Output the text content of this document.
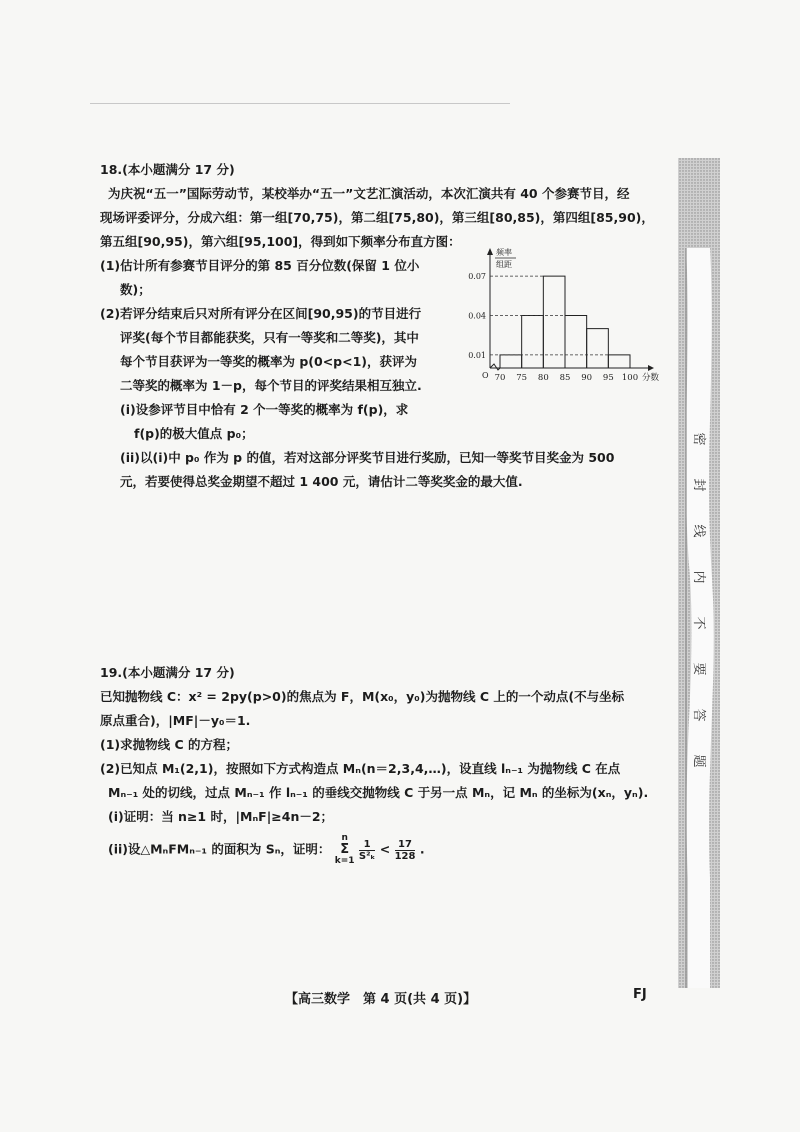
18.(本小题满分 17 分)

为庆祝“五一”国际劳动节，某校举办“五一”文艺汇演活动，本次汇演共有 40 个参赛节目，经

现场评委评分，分成六组：第一组[70,75)，第二组[75,80)，第三组[80,85)，第四组[85,90)，

第五组[90,95)，第六组[95,100]，得到如下频率分布直方图：

(1)估计所有参赛节目评分的第 85 百分位数(保留 1 位小

数)；

(2)若评分结束后只对所有评分在区间[90,95)的节目进行

评奖(每个节目都能获奖，只有一等奖和二等奖)，其中

每个节目获评为一等奖的概率为 p(0<p<1)，获评为

二等奖的概率为 1－p，每个节目的评奖结果相互独立.

(i)设参评节目中恰有 2 个一等奖的概率为 f(p)，求

f(p)的极大值点 p₀；

(ii)以(i)中 p₀ 作为 p 的值，若对这部分评奖节目进行奖励，已知一等奖节目奖金为 500

元，若要使得总奖金期望不超过 1 400 元，请估计二等奖奖金的最大值.

0.01
0.04
0.07
70 75 80 85 90 95 100 分数
O
频率
组距

19.(本小题满分 17 分)

已知抛物线 C：x² = 2py(p>0)的焦点为 F，M(x₀，y₀)为抛物线 C 上的一个动点(不与坐标

原点重合)，|MF|－y₀＝1.

(1)求抛物线 C 的方程；

(2)已知点 M₁(2,1)，按照如下方式构造点 Mₙ(n＝2,3,4,…)，设直线 lₙ₋₁ 为抛物线 C 在点

Mₙ₋₁ 处的切线，过点 Mₙ₋₁ 作 lₙ₋₁ 的垂线交抛物线 C 于另一点 Mₙ，记 Mₙ 的坐标为(xₙ，yₙ).

(i)证明：当 n≥1 时，|MₙF|≥4n－2；

(ii)设△MₙFMₙ₋₁ 的面积为 Sₙ，证明：
n
Σ
k=1
$\frac{1}{\text{S²ₖ}} < \frac{17}{128}$ .

【高三数学　第 4 页(共 4 页)】	FJ
密
封
线
内
不
要
答
题
